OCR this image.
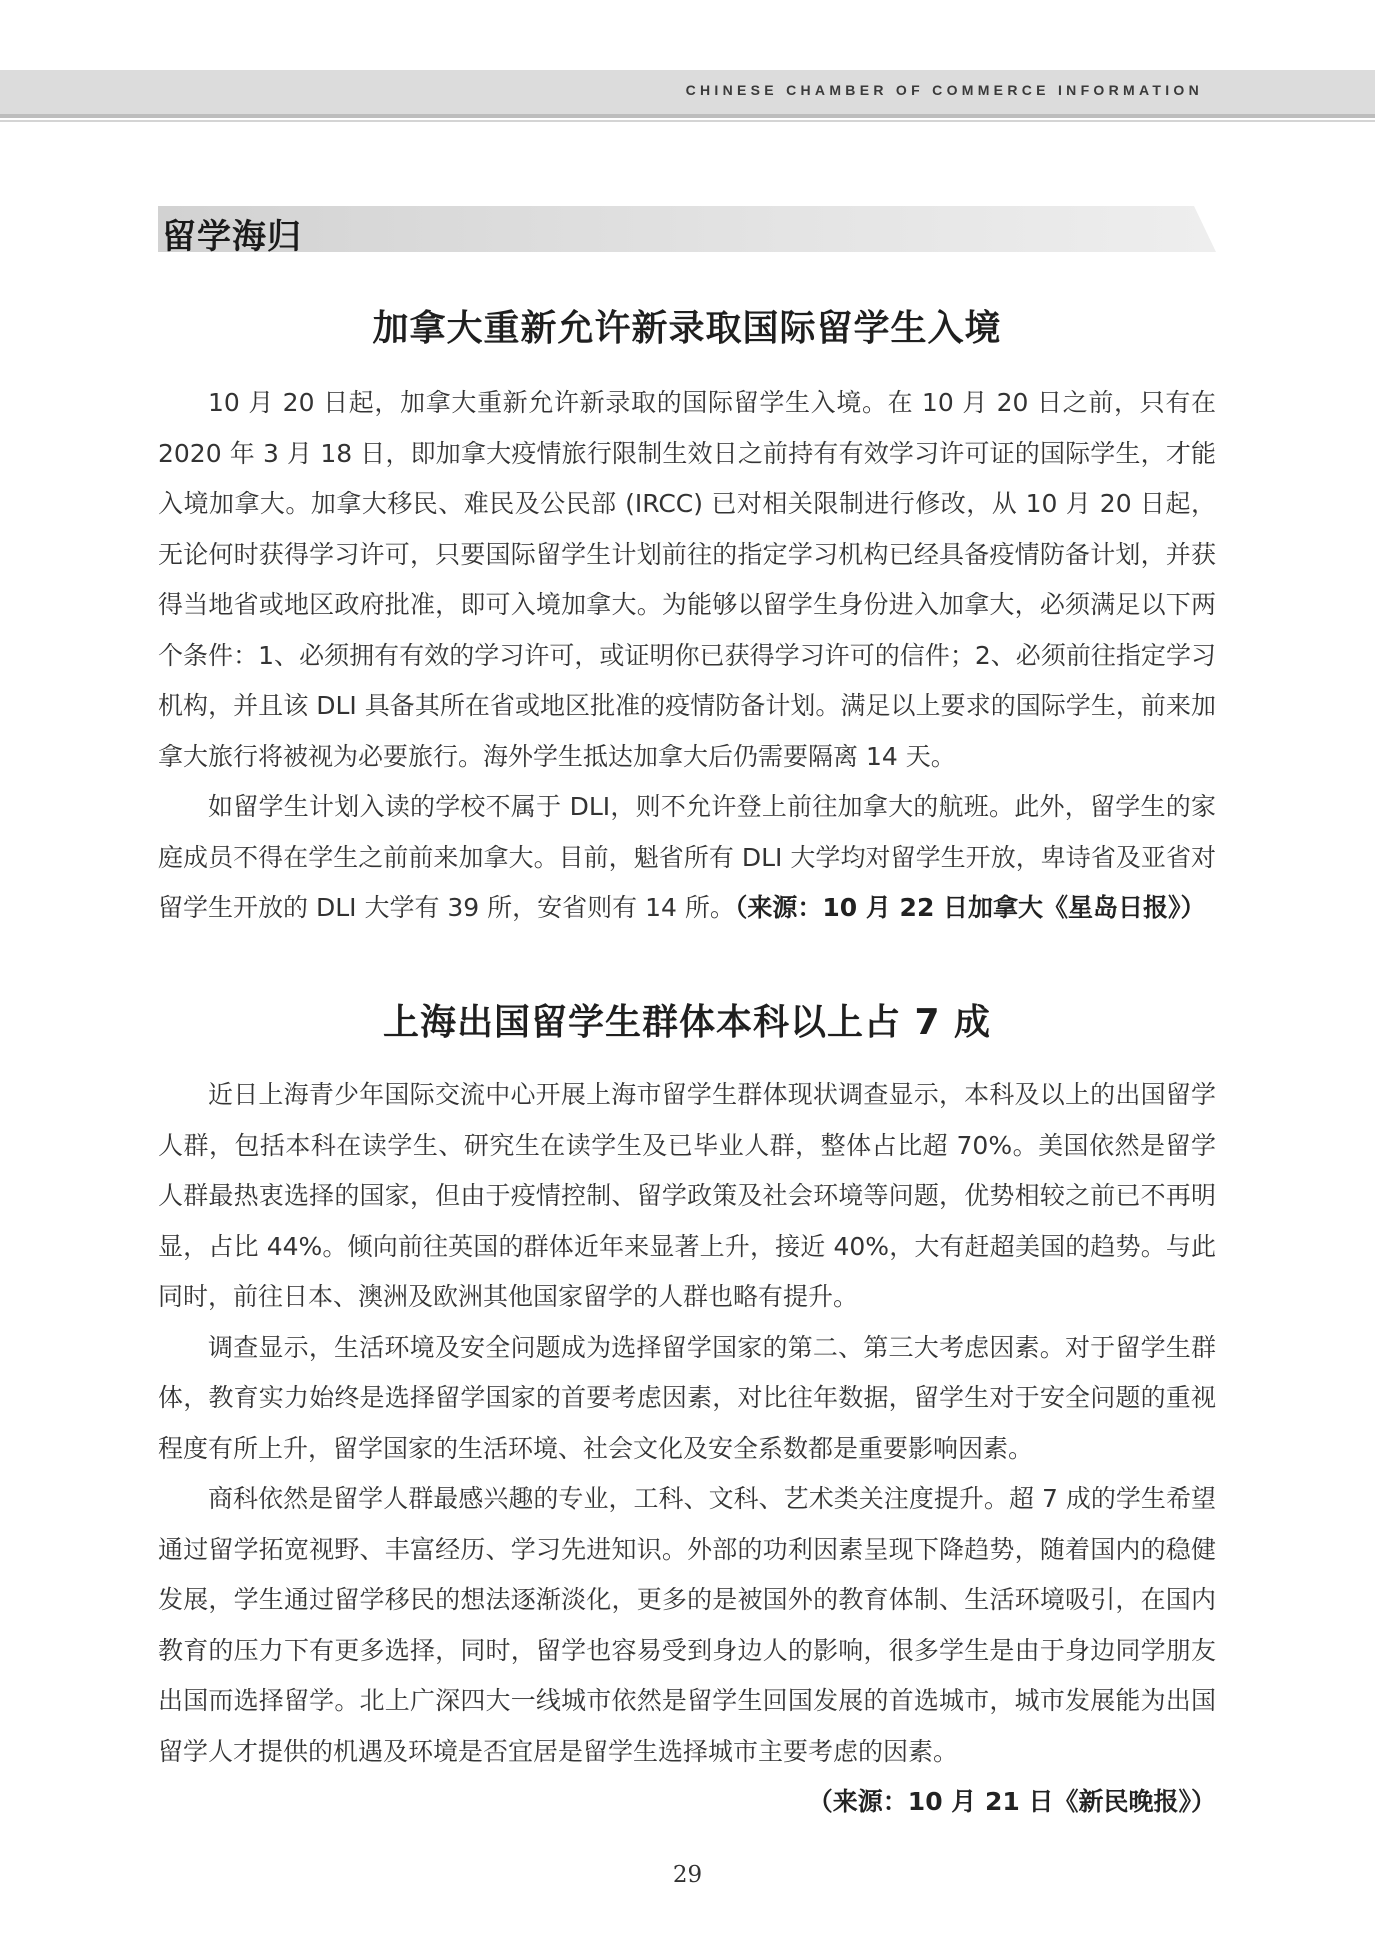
CHINESE CHAMBER OF COMMERCE INFORMATION
留学海归
加拿大重新允许新录取国际留学生入境

10 月 20 日起，加拿大重新允许新录取的国际留学生入境。在 10 月 20 日之前，只有在 2020 年 3 月 18 日，即加拿大疫情旅行限制生效日之前持有有效学习许可证的国际学生，才能入境加拿大。加拿大移民、难民及公民部 (IRCC) 已对相关限制进行修改，从 10 月 20 日起，无论何时获得学习许可，只要国际留学生计划前往的指定学习机构已经具备疫情防备计划，并获得当地省或地区政府批准，即可入境加拿大。为能够以留学生身份进入加拿大，必须满足以下两个条件：1、必须拥有有效的学习许可，或证明你已获得学习许可的信件；2、必须前往指定学习机构，并且该 DLI 具备其所在省或地区批准的疫情防备计划。满足以上要求的国际学生，前来加拿大旅行将被视为必要旅行。海外学生抵达加拿大后仍需要隔离 14 天。

如留学生计划入读的学校不属于 DLI，则不允许登上前往加拿大的航班。此外，留学生的家庭成员不得在学生之前前来加拿大。目前，魁省所有 DLI 大学均对留学生开放，卑诗省及亚省对留学生开放的 DLI 大学有 39 所，安省则有 14 所。（来源：10 月 22 日加拿大《星岛日报》）

上海出国留学生群体本科以上占 7 成

近日上海青少年国际交流中心开展上海市留学生群体现状调查显示，本科及以上的出国留学人群，包括本科在读学生、研究生在读学生及已毕业人群，整体占比超 70%。美国依然是留学人群最热衷选择的国家，但由于疫情控制、留学政策及社会环境等问题，优势相较之前已不再明显，占比 44%。倾向前往英国的群体近年来显著上升，接近 40%，大有赶超美国的趋势。与此同时，前往日本、澳洲及欧洲其他国家留学的人群也略有提升。

调查显示，生活环境及安全问题成为选择留学国家的第二、第三大考虑因素。对于留学生群体，教育实力始终是选择留学国家的首要考虑因素，对比往年数据，留学生对于安全问题的重视程度有所上升，留学国家的生活环境、社会文化及安全系数都是重要影响因素。

商科依然是留学人群最感兴趣的专业，工科、文科、艺术类关注度提升。超 7 成的学生希望通过留学拓宽视野、丰富经历、学习先进知识。外部的功利因素呈现下降趋势，随着国内的稳健发展，学生通过留学移民的想法逐渐淡化，更多的是被国外的教育体制、生活环境吸引，在国内教育的压力下有更多选择，同时，留学也容易受到身边人的影响，很多学生是由于身边同学朋友出国而选择留学。北上广深四大一线城市依然是留学生回国发展的首选城市，城市发展能为出国留学人才提供的机遇及环境是否宜居是留学生选择城市主要考虑的因素。

（来源：10 月 21 日《新民晚报》）

29
